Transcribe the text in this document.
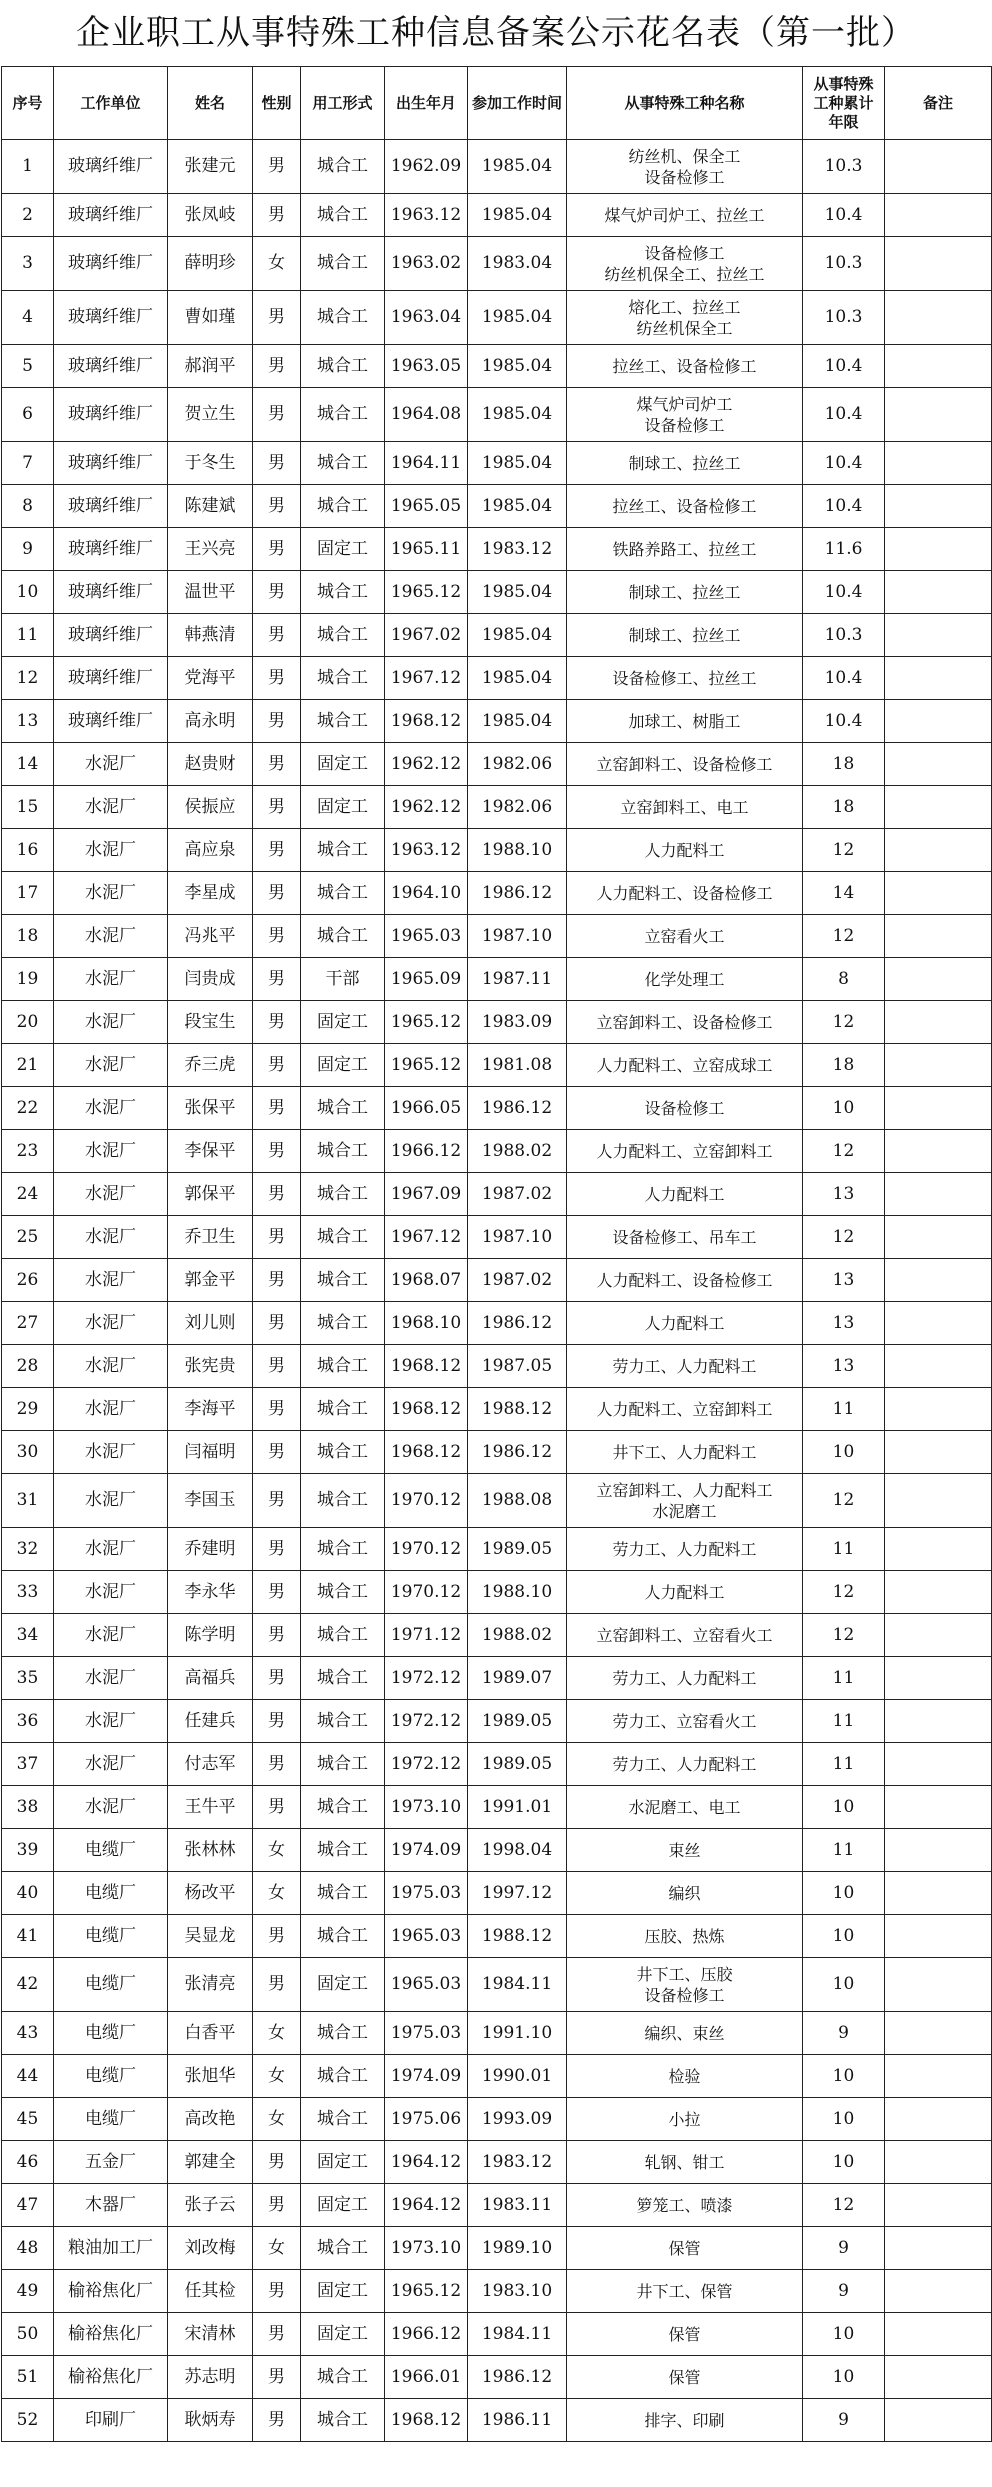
企业职工从事特殊工种信息备案公示花名表（第一批）
序号	工作单位	姓名	性别	用工形式	出生年月	参加工作时间	从事特殊工种名称	从事特殊
工种累计
年限	备注
1	玻璃纤维厂	张建元	男	城合工	1962.09	1985.04	纺丝机、保全工
设备检修工	10.3	
2	玻璃纤维厂	张凤岐	男	城合工	1963.12	1985.04	煤气炉司炉工、拉丝工	10.4	
3	玻璃纤维厂	薛明珍	女	城合工	1963.02	1983.04	设备检修工
纺丝机保全工、拉丝工	10.3	
4	玻璃纤维厂	曹如瑾	男	城合工	1963.04	1985.04	熔化工、拉丝工
纺丝机保全工	10.3	
5	玻璃纤维厂	郝润平	男	城合工	1963.05	1985.04	拉丝工、设备检修工	10.4	
6	玻璃纤维厂	贺立生	男	城合工	1964.08	1985.04	煤气炉司炉工
设备检修工	10.4	
7	玻璃纤维厂	于冬生	男	城合工	1964.11	1985.04	制球工、拉丝工	10.4	
8	玻璃纤维厂	陈建斌	男	城合工	1965.05	1985.04	拉丝工、设备检修工	10.4	
9	玻璃纤维厂	王兴亮	男	固定工	1965.11	1983.12	铁路养路工、拉丝工	11.6	
10	玻璃纤维厂	温世平	男	城合工	1965.12	1985.04	制球工、拉丝工	10.4	
11	玻璃纤维厂	韩燕清	男	城合工	1967.02	1985.04	制球工、拉丝工	10.3	
12	玻璃纤维厂	党海平	男	城合工	1967.12	1985.04	设备检修工、拉丝工	10.4	
13	玻璃纤维厂	高永明	男	城合工	1968.12	1985.04	加球工、树脂工	10.4	
14	水泥厂	赵贵财	男	固定工	1962.12	1982.06	立窑卸料工、设备检修工	18	
15	水泥厂	侯振应	男	固定工	1962.12	1982.06	立窑卸料工、电工	18	
16	水泥厂	高应泉	男	城合工	1963.12	1988.10	人力配料工	12	
17	水泥厂	李星成	男	城合工	1964.10	1986.12	人力配料工、设备检修工	14	
18	水泥厂	冯兆平	男	城合工	1965.03	1987.10	立窑看火工	12	
19	水泥厂	闫贵成	男	干部	1965.09	1987.11	化学处理工	8	
20	水泥厂	段宝生	男	固定工	1965.12	1983.09	立窑卸料工、设备检修工	12	
21	水泥厂	乔三虎	男	固定工	1965.12	1981.08	人力配料工、立窑成球工	18	
22	水泥厂	张保平	男	城合工	1966.05	1986.12	设备检修工	10	
23	水泥厂	李保平	男	城合工	1966.12	1988.02	人力配料工、立窑卸料工	12	
24	水泥厂	郭保平	男	城合工	1967.09	1987.02	人力配料工	13	
25	水泥厂	乔卫生	男	城合工	1967.12	1987.10	设备检修工、吊车工	12	
26	水泥厂	郭金平	男	城合工	1968.07	1987.02	人力配料工、设备检修工	13	
27	水泥厂	刘儿则	男	城合工	1968.10	1986.12	人力配料工	13	
28	水泥厂	张宪贵	男	城合工	1968.12	1987.05	劳力工、人力配料工	13	
29	水泥厂	李海平	男	城合工	1968.12	1988.12	人力配料工、立窑卸料工	11	
30	水泥厂	闫福明	男	城合工	1968.12	1986.12	井下工、人力配料工	10	
31	水泥厂	李国玉	男	城合工	1970.12	1988.08	立窑卸料工、人力配料工
水泥磨工	12	
32	水泥厂	乔建明	男	城合工	1970.12	1989.05	劳力工、人力配料工	11	
33	水泥厂	李永华	男	城合工	1970.12	1988.10	人力配料工	12	
34	水泥厂	陈学明	男	城合工	1971.12	1988.02	立窑卸料工、立窑看火工	12	
35	水泥厂	高福兵	男	城合工	1972.12	1989.07	劳力工、人力配料工	11	
36	水泥厂	任建兵	男	城合工	1972.12	1989.05	劳力工、立窑看火工	11	
37	水泥厂	付志军	男	城合工	1972.12	1989.05	劳力工、人力配料工	11	
38	水泥厂	王牛平	男	城合工	1973.10	1991.01	水泥磨工、电工	10	
39	电缆厂	张林林	女	城合工	1974.09	1998.04	束丝	11	
40	电缆厂	杨改平	女	城合工	1975.03	1997.12	编织	10	
41	电缆厂	吴显龙	男	城合工	1965.03	1988.12	压胶、热炼	10	
42	电缆厂	张清亮	男	固定工	1965.03	1984.11	井下工、压胶
设备检修工	10	
43	电缆厂	白香平	女	城合工	1975.03	1991.10	编织、束丝	9	
44	电缆厂	张旭华	女	城合工	1974.09	1990.01	检验	10	
45	电缆厂	高改艳	女	城合工	1975.06	1993.09	小拉	10	
46	五金厂	郭建全	男	固定工	1964.12	1983.12	轧钢、钳工	10	
47	木器厂	张子云	男	固定工	1964.12	1983.11	箩笼工、喷漆	12	
48	粮油加工厂	刘改梅	女	城合工	1973.10	1989.10	保管	9	
49	榆裕焦化厂	任其检	男	固定工	1965.12	1983.10	井下工、保管	9	
50	榆裕焦化厂	宋清林	男	固定工	1966.12	1984.11	保管	10	
51	榆裕焦化厂	苏志明	男	城合工	1966.01	1986.12	保管	10	
52	印刷厂	耿炳寿	男	城合工	1968.12	1986.11	排字、印刷	9	
